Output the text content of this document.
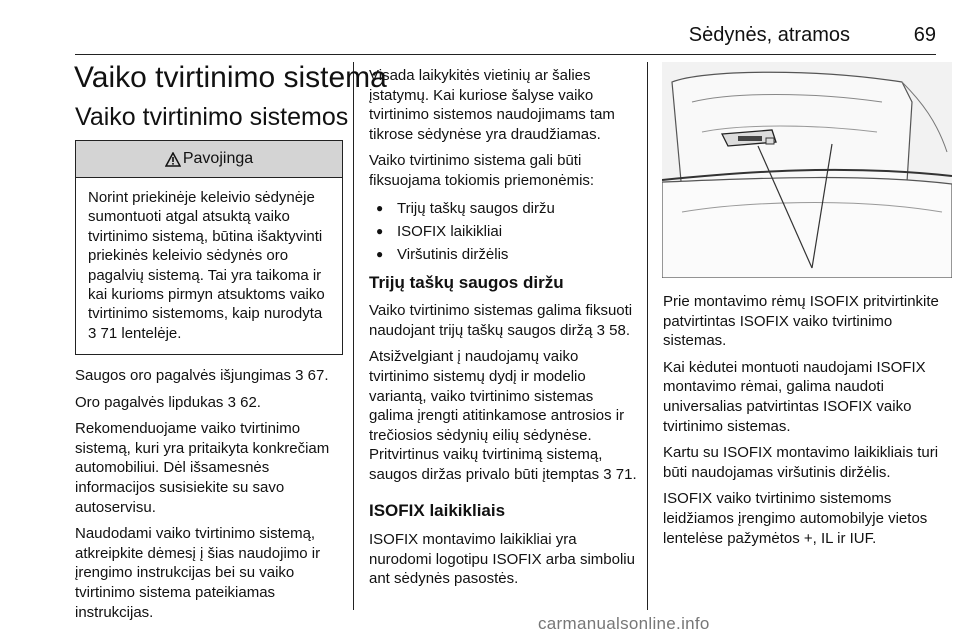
Sėdynės, atramos	69
Vaiko tvirtinimo sistema
Vaiko tvirtinimo sistemos
Pavojinga
Norint priekinėje keleivio sėdynėje sumontuoti atgal atsuktą vaiko tvirtinimo sistemą, būtina išaktyvinti priekinės keleivio sėdynės oro pagalvių sistemą. Tai yra taikoma ir kai kurioms pirmyn atsuktoms vaiko tvirtinimo sistemoms, kaip nurodyta 3 71 lentelėje.

Saugos oro pagalvės išjungimas 3 67.

Oro pagalvės lipdukas 3 62.

Rekomenduojame vaiko tvirtinimo sistemą, kuri yra pritaikyta konkrečiam automobiliui. Dėl išsamesnės informacijos susisiekite su savo autoservisu.

Naudodami vaiko tvirtinimo sistemą, atkreipkite dėmesį į šias naudojimo ir įrengimo instrukcijas bei su vaiko tvirtinimo sistema pateikiamas instrukcijas.

Visada laikykitės vietinių ar šalies įstatymų. Kai kuriose šalyse vaiko tvirtinimo sistemos naudojimams tam tikrose sėdynėse yra draudžiamas.

Vaiko tvirtinimo sistema gali būti fiksuojama tokiomis priemonėmis:

● Trijų taškų saugos diržu
● ISOFIX laikikliai
● Viršutinis diržėlis
Trijų taškų saugos diržu

Vaiko tvirtinimo sistemas galima fiksuoti naudojant trijų taškų saugos diržą 3 58.

Atsižvelgiant į naudojamų vaiko tvirtinimo sistemų dydį ir modelio variantą, vaiko tvirtinimo sistemas galima įrengti atitinkamose antrosios ir trečiosios sėdynių eilių sėdynėse. Pritvirtinus vaikų tvirtinimą sistemą, saugos diržas privalo būti įtemptas 3 71.

ISOFIX laikikliais

ISOFIX montavimo laikikliai yra nurodomi logotipu ISOFIX arba simboliu ant sėdynės pasostės.

Prie montavimo rėmų ISOFIX pritvirtinkite patvirtintas ISOFIX vaiko tvirtinimo sistemas.

Kai kėdutei montuoti naudojami ISOFIX montavimo rėmai, galima naudoti universalias patvirtintas ISOFIX vaiko tvirtinimo sistemas.

Kartu su ISOFIX montavimo laikikliais turi būti naudojamas viršutinis diržėlis.

ISOFIX vaiko tvirtinimo sistemoms leidžiamos įrengimo automobilyje vietos lentelėse pažymėtos +, IL ir IUF.

carmanualsonline.info
